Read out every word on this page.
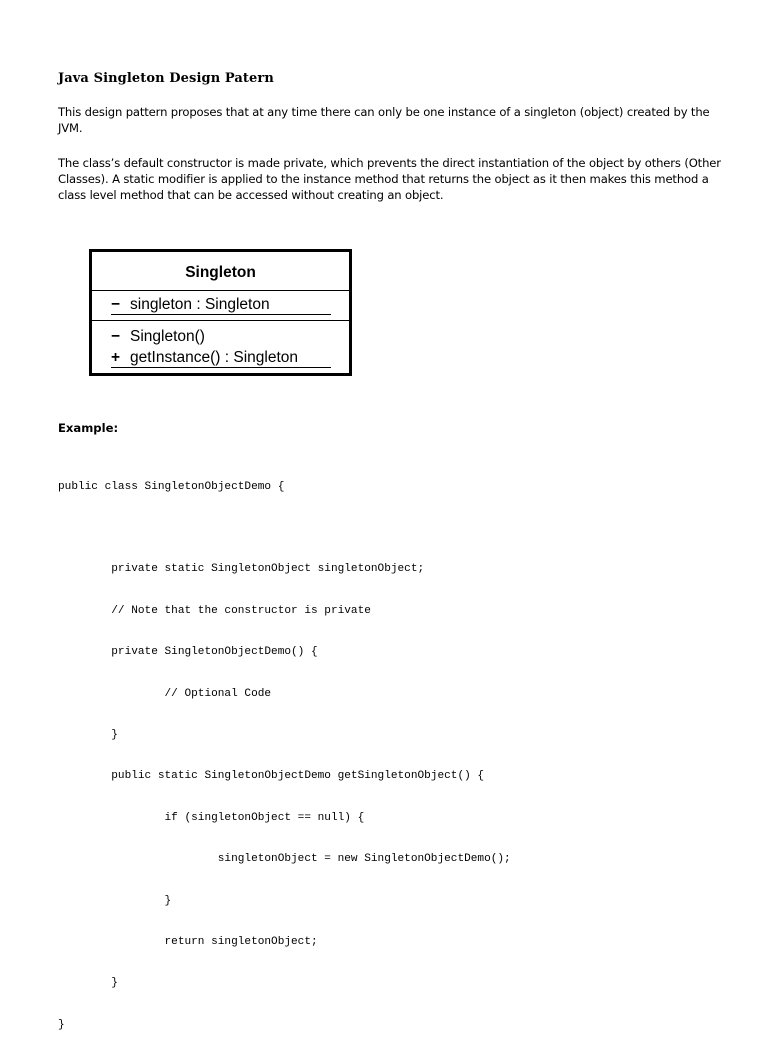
Java Singleton Design Patern
This design pattern proposes that at any time there can only be one instance of a singleton (object) created by the
JVM.
The class’s default constructor is made private, which prevents the direct instantiation of the object by others (Other
Classes). A static modifier is applied to the instance method that returns the object as it then makes this method a
class level method that can be accessed without creating an object.
Singleton
− singleton : Singleton
− Singleton()
+ getInstance() : Singleton
Example:

public class SingletonObjectDemo {

private static SingletonObject singletonObject;

// Note that the constructor is private

private SingletonObjectDemo() {

// Optional Code

}

public static SingletonObjectDemo getSingletonObject() {

if (singletonObject == null) {

singletonObject = new SingletonObjectDemo();

}

return singletonObject;

}

}
